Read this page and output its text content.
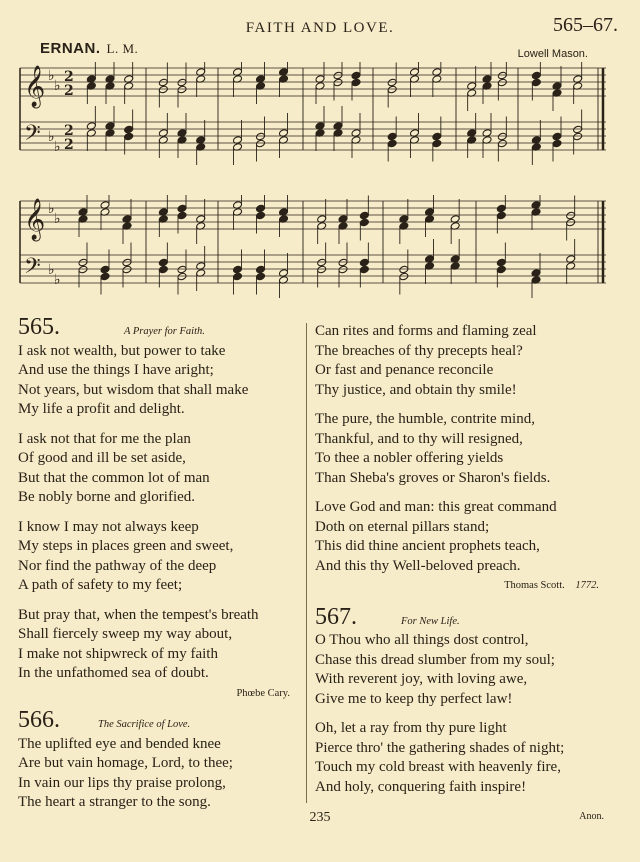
FAITH AND LOVE.	565–67.
ERNAN. L. M.	Lowell Mason.
2
2
2
2
𝄞 ♭
♭
𝄢 ♭
♭
𝄞 ♭
♭
𝄢 ♭
♭
565.	A Prayer for Faith.
I ask not wealth, but power to take
And use the things I have aright;
Not years, but wisdom that shall make
My life a profit and delight.
I ask not that for me the plan
Of good and ill be set aside,
But that the common lot of man
Be nobly borne and glorified.
I know I may not always keep
My steps in places green and sweet,
Nor find the pathway of the deep
A path of safety to my feet;
But pray that, when the tempest's breath
Shall fiercely sweep my way about,
I make not shipwreck of my faith
In the unfathomed sea of doubt.
Phœbe Cary.
566.	The Sacrifice of Love.
The uplifted eye and bended knee
Are but vain homage, Lord, to thee;
In vain our lips thy praise prolong,
The heart a stranger to the song.
Can rites and forms and flaming zeal
The breaches of thy precepts heal?
Or fast and penance reconcile
Thy justice, and obtain thy smile!
The pure, the humble, contrite mind,
Thankful, and to thy will resigned,
To thee a nobler offering yields
Than Sheba's groves or Sharon's fields.
Love God and man: this great command
Doth on eternal pillars stand;
This did thine ancient prophets teach,
And this thy Well-beloved preach.
Thomas Scott. 1772.
567.	For New Life.
O Thou who all things dost control,
Chase this dread slumber from my soul;
With reverent joy, with loving awe,
Give me to keep thy perfect law!
Oh, let a ray from thy pure light
Pierce thro' the gathering shades of night;
Touch my cold breast with heavenly fire,
And holy, conquering faith inspire!
235	Anon.
